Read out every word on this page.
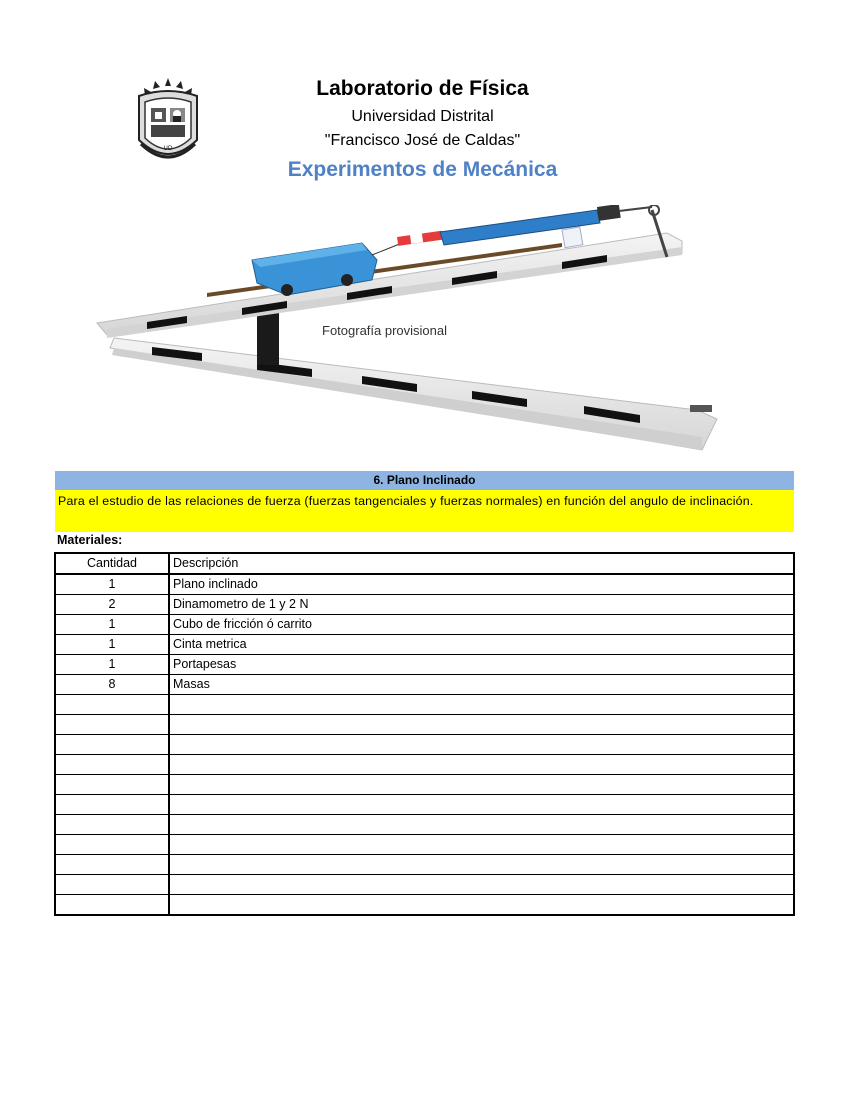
UD
Laboratorio de Física
Universidad Distrital
"Francisco José de Caldas"
Experimentos de Mecánica
Fotografía provisional
6. Plano Inclinado
Para el estudio de las relaciones de fuerza (fuerzas tangenciales y fuerzas normales) en función del angulo de inclinación.
Materiales:
Cantidad	Descripción
1	Plano inclinado
2	Dinamometro de 1 y 2 N
1	Cubo de fricción ó carrito
1	Cinta metrica
1	Portapesas
8	Masas
